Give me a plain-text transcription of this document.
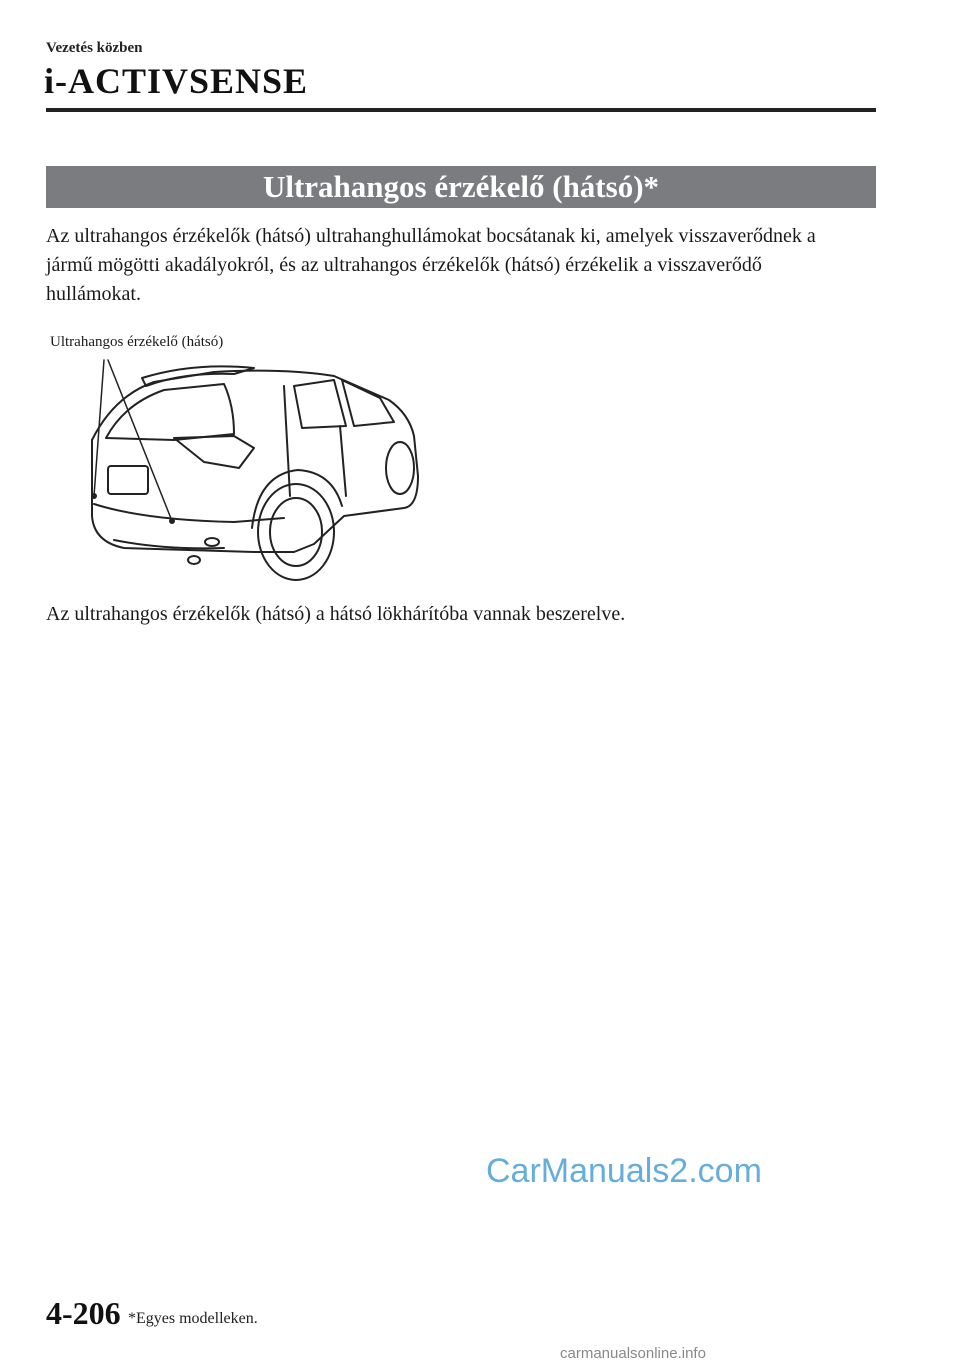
Vezetés közben
i-ACTIVSENSE
Ultrahangos érzékelő (hátsó)*
Az ultrahangos érzékelők (hátsó) ultrahanghullámokat bocsátanak ki, amelyek visszaverődnek a jármű mögötti akadályokról, és az ultrahangos érzékelők (hátsó) érzékelik a visszaverődő hullámokat.
Ultrahangos érzékelő (hátsó)
Az ultrahangos érzékelők (hátsó) a hátsó lökhárítóba vannak beszerelve.
CarManuals2.com
4-206 *Egyes modelleken.
carmanualsonline.info
